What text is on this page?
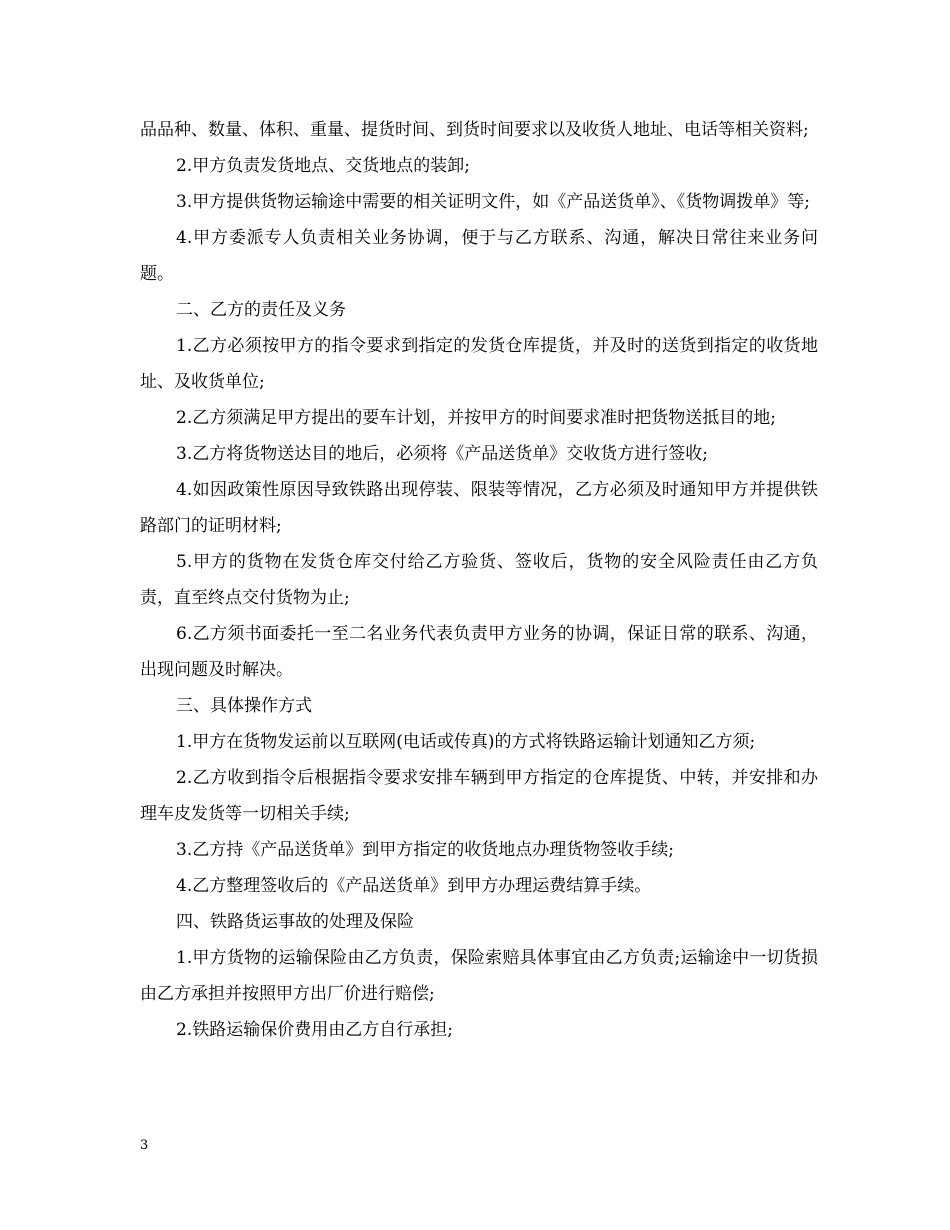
品品种、数量、体积、重量、提货时间、到货时间要求以及收货人地址、电话等相关资料;

2.甲方负责发货地点、交货地点的装卸;

3.甲方提供货物运输途中需要的相关证明文件，如《产品送货单》、《货物调拨单》等;

4.甲方委派专人负责相关业务协调，便于与乙方联系、沟通，解决日常往来业务问题。

二、乙方的责任及义务

1.乙方必须按甲方的指令要求到指定的发货仓库提货，并及时的送货到指定的收货地址、及收货单位;

2.乙方须满足甲方提出的要车计划，并按甲方的时间要求准时把货物送抵目的地;

3.乙方将货物送达目的地后，必须将《产品送货单》交收货方进行签收;

4.如因政策性原因导致铁路出现停装、限装等情况，乙方必须及时通知甲方并提供铁路部门的证明材料;

5.甲方的货物在发货仓库交付给乙方验货、签收后，货物的安全风险责任由乙方负责，直至终点交付货物为止;

6.乙方须书面委托一至二名业务代表负责甲方业务的协调，保证日常的联系、沟通，出现问题及时解决。

三、具体操作方式

1.甲方在货物发运前以互联网(电话或传真)的方式将铁路运输计划通知乙方须;

2.乙方收到指令后根据指令要求安排车辆到甲方指定的仓库提货、中转，并安排和办理车皮发货等一切相关手续;

3.乙方持《产品送货单》到甲方指定的收货地点办理货物签收手续;

4.乙方整理签收后的《产品送货单》到甲方办理运费结算手续。

四、铁路货运事故的处理及保险

1.甲方货物的运输保险由乙方负责，保险索赔具体事宜由乙方负责;运输途中一切货损由乙方承担并按照甲方出厂价进行赔偿;

2.铁路运输保价费用由乙方自行承担;

3
